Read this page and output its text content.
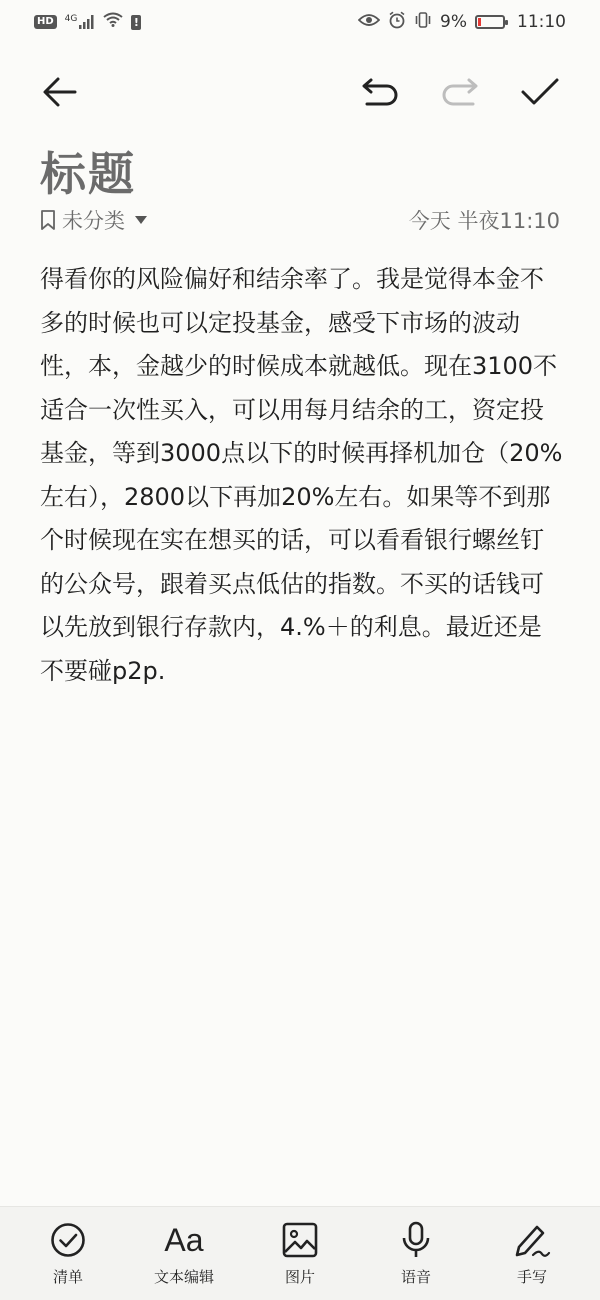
HD	4G	!	9%	11:10
标题
未分类	今天 半夜11:10
得看你的风险偏好和结余率了。我是觉得本金不多的时候也可以定投基金，感受下市场的波动性，本，金越少的时候成本就越低。现在3100不适合一次性买入，可以用每月结余的工，资定投基金，等到3000点以下的时候再择机加仓（20%左右），2800以下再加20%左右。如果等不到那个时候现在实在想买的话，可以看看银行螺丝钉的公众号，跟着买点低估的指数。不买的话钱可以先放到银行存款内，4.%＋的利息。最近还是不要碰p2p.
清单
Aa
文本编辑	图片	语音	手写
